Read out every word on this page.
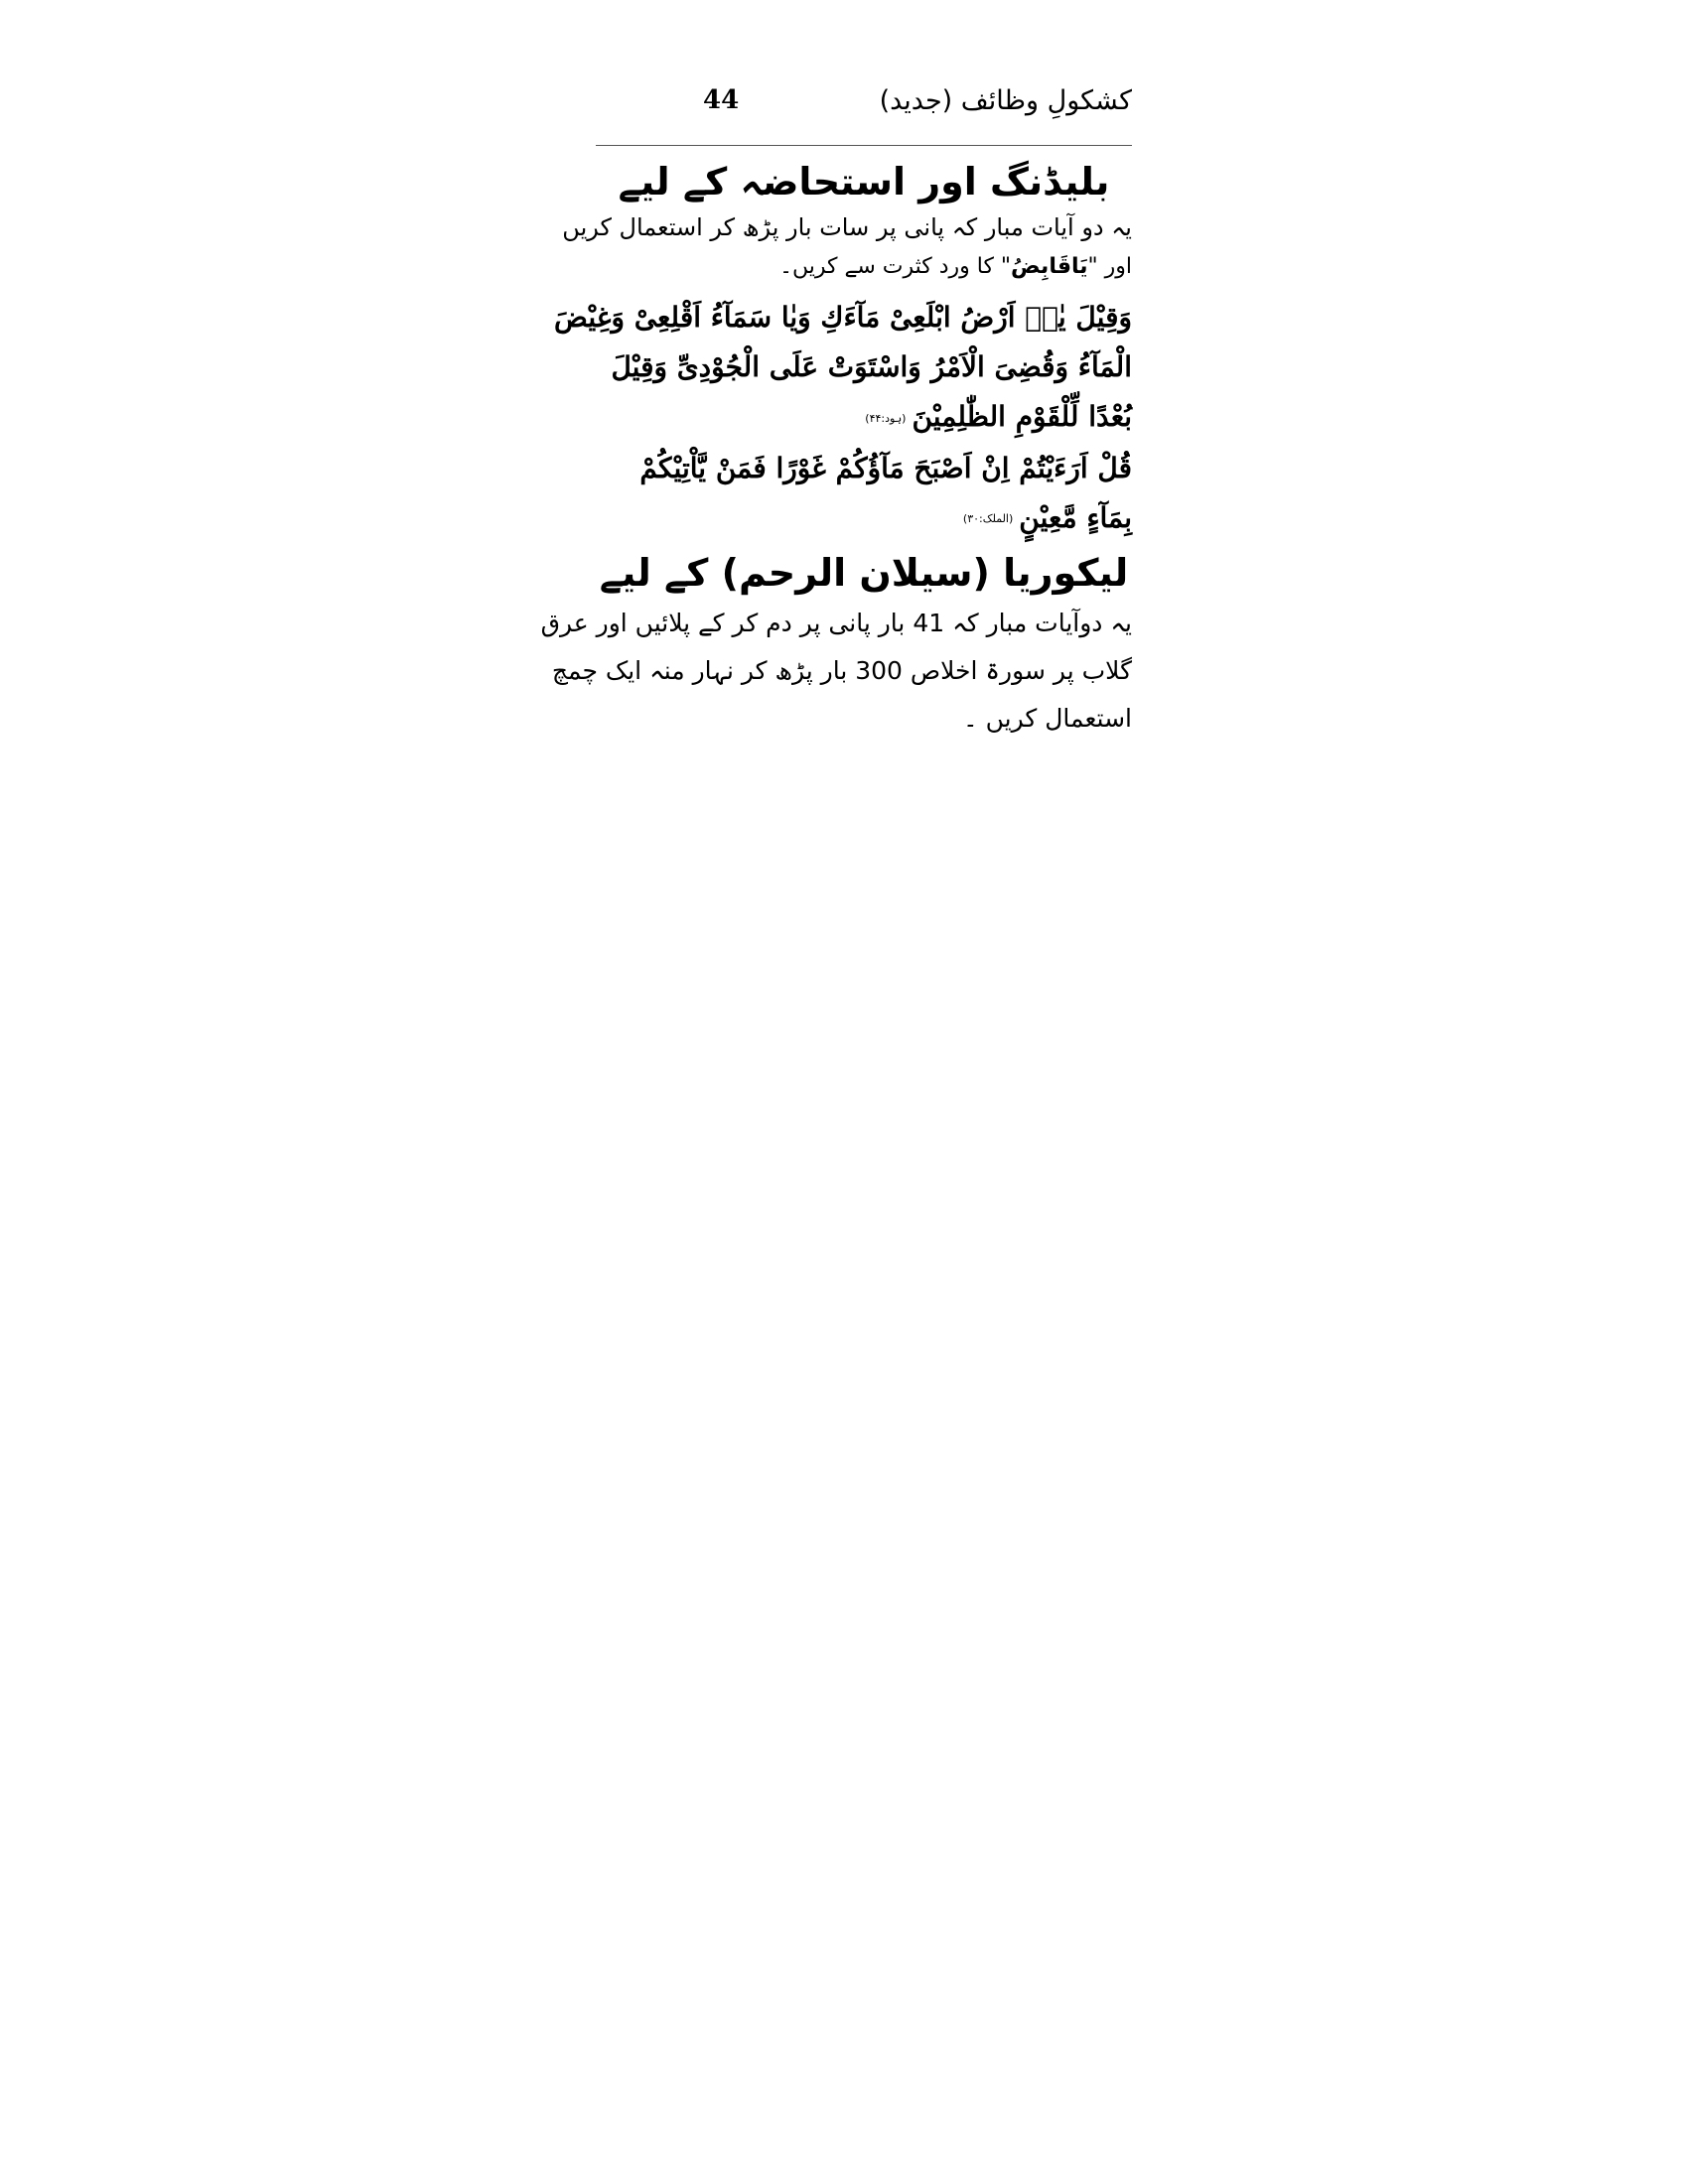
کشکولِ وظائف (جدید)
44
بلیڈنگ اور استحاضہ کے لیے

یہ دو آیات مبار کہ پانی پر سات بار پڑھ کر استعمال کریں

اور "یَاقَابِضُ" کا ورد کثرت سے کریں۔

وَقِیْلَ یٰاۤ اَرْضُ ابْلَعِیْ مَآءَكِ وَیٰا سَمَآءُ اَقْلِعِیْ وَغِیْضَ

الْمَآءُ وَقُضِیَ الْاَمْرُ وَاسْتَوَتْ عَلَى الْجُوْدِیِّ وَقِیْلَ

بُعْدًا لِّلْقَوْمِ الظّٰلِمِیْنَ(ہود:۴۴)

قُلْ اَرَءَیْتُمْ اِنْ اَصْبَحَ مَآؤُكُمْ غَوْرًا فَمَنْ یَّاْتِیْكُمْ

بِمَآءٍ مَّعِیْنٍ(الملک:۳۰)

لیکوریا (سیلان الرحم) کے لیے

یہ دوآیات مبار کہ 41 بار پانی پر دم کر کے پلائیں اور عرق

گلاب پر سورۃ اخلاص 300 بار پڑھ کر نہار منہ ایک چمچ

استعمال کریں ۔
